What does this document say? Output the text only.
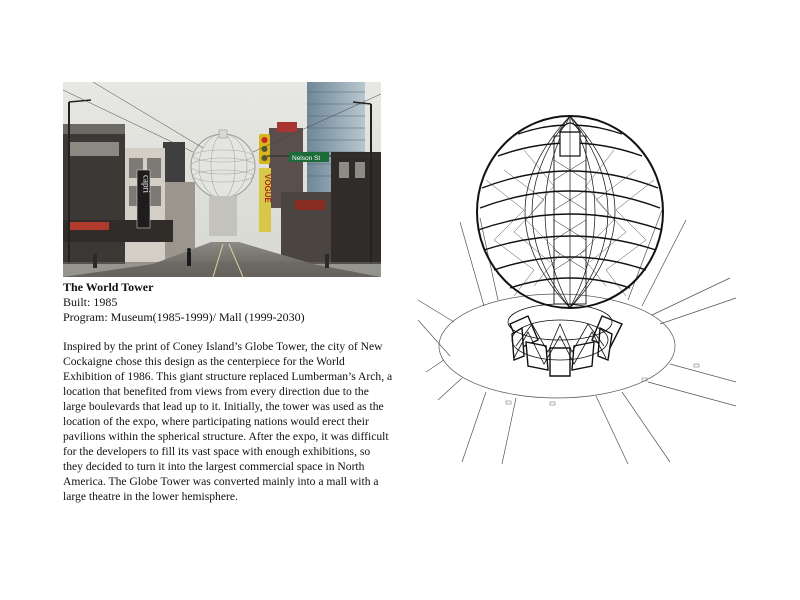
capri	VOGUE
Nelson St
The World Tower
Built: 1985
Program: Museum(1985-1999)/ Mall (1999-2030)
Inspired by the print of Coney Island’s Globe Tower, the city of New Cockaigne chose this design as the centerpiece for the World Exhibition of 1986. This giant structure replaced Lumberman’s Arch, a location that benefited from views from every direction due to the large boulevards that lead up to it. Initially, the tower was used as the location of the expo, where participating nations would erect their pavilions within the spherical structure. After the expo, it was difficult for the developers to fill its vast space with enough exhibitions, so they decided to turn it into the largest commercial space in North America. The Globe Tower was converted mainly into a mall with a large theatre in the lower hemisphere.
